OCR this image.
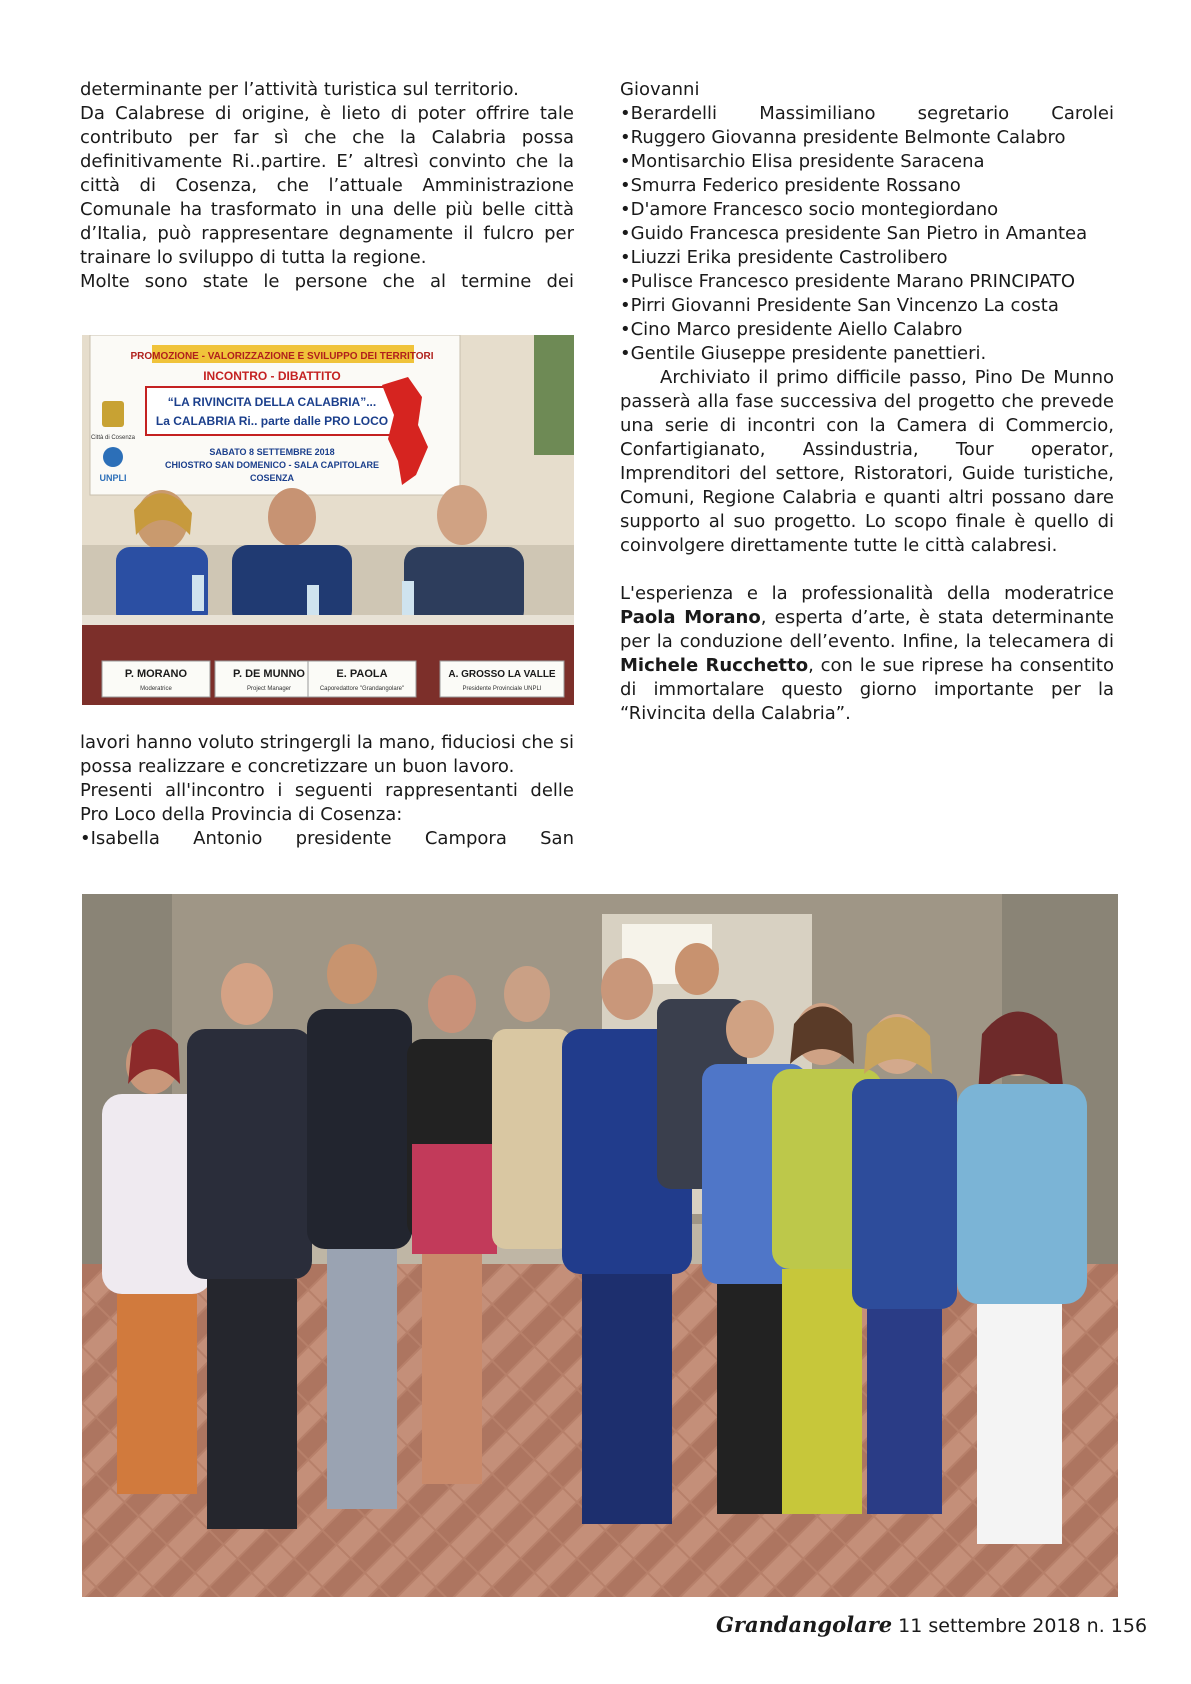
determinante per l’attività turistica sul territorio.

Da Calabrese di origine, è lieto di poter offrire tale contributo per far sì che che la Calabria possa definitivamente Ri..partire. E’ altresì convinto che la città di Cosenza, che l’attuale Amministrazione Comunale ha trasformato in una delle più belle città d’Italia, può rappresentare degnamente il fulcro per trainare lo sviluppo di tutta la regione.

Molte sono state le persone che al termine dei

PROMOZIONE - VALORIZZAZIONE E SVILUPPO DEI TERRITORI
INCONTRO - DIBATTITO
“LA RIVINCITA DELLA CALABRIA”...
La CALABRIA Ri.. parte dalle PRO LOCO
SABATO 8 SETTEMBRE 2018
CHIOSTRO SAN DOMENICO - SALA CAPITOLARE
COSENZA
Città di Cosenza
UNPLI
P. MORANO
Moderatrice
P. DE MUNNO
Project Manager
E. PAOLA
Caporedattore "Grandangolare"
A. GROSSO LA VALLE
Presidente Provinciale UNPLI

lavori hanno voluto stringergli la mano, fiduciosi che si possa realizzare e concretizzare un buon lavoro.

Presenti all'incontro i seguenti rappresentanti delle Pro Loco della Provincia di Cosenza:

•Isabella Antonio presidente Campora San

Giovanni

•Berardelli Massimiliano segretario Carolei

•Ruggero Giovanna presidente Belmonte Calabro

•Montisarchio Elisa presidente Saracena

•Smurra Federico presidente Rossano

•D'amore Francesco socio montegiordano

•Guido Francesca presidente San Pietro in Amantea

•Liuzzi Erika presidente Castrolibero

•Pulisce Francesco presidente Marano PRINCIPATO

•Pirri Giovanni Presidente San Vincenzo La costa

•Cino Marco presidente Aiello Calabro

•Gentile Giuseppe presidente panettieri.

Archiviato il primo difficile passo, Pino De Munno passerà alla fase successiva del progetto che prevede una serie di incontri con la Camera di Commercio, Confartigianato, Assindustria, Tour operator, Imprenditori del settore, Ristoratori, Guide turistiche, Comuni, Regione Calabria e quanti altri possano dare supporto al suo progetto. Lo scopo finale è quello di coinvolgere direttamente tutte le città calabresi.

L'esperienza e la professionalità della moderatrice Paola Morano, esperta d’arte, è stata determinante per la conduzione dell’evento. Infine, la telecamera di Michele Rucchetto, con le sue riprese ha consentito di immortalare questo giorno importante per la “Rivincita della Calabria”.

Grandangolare 11 settembre 2018 n. 156
